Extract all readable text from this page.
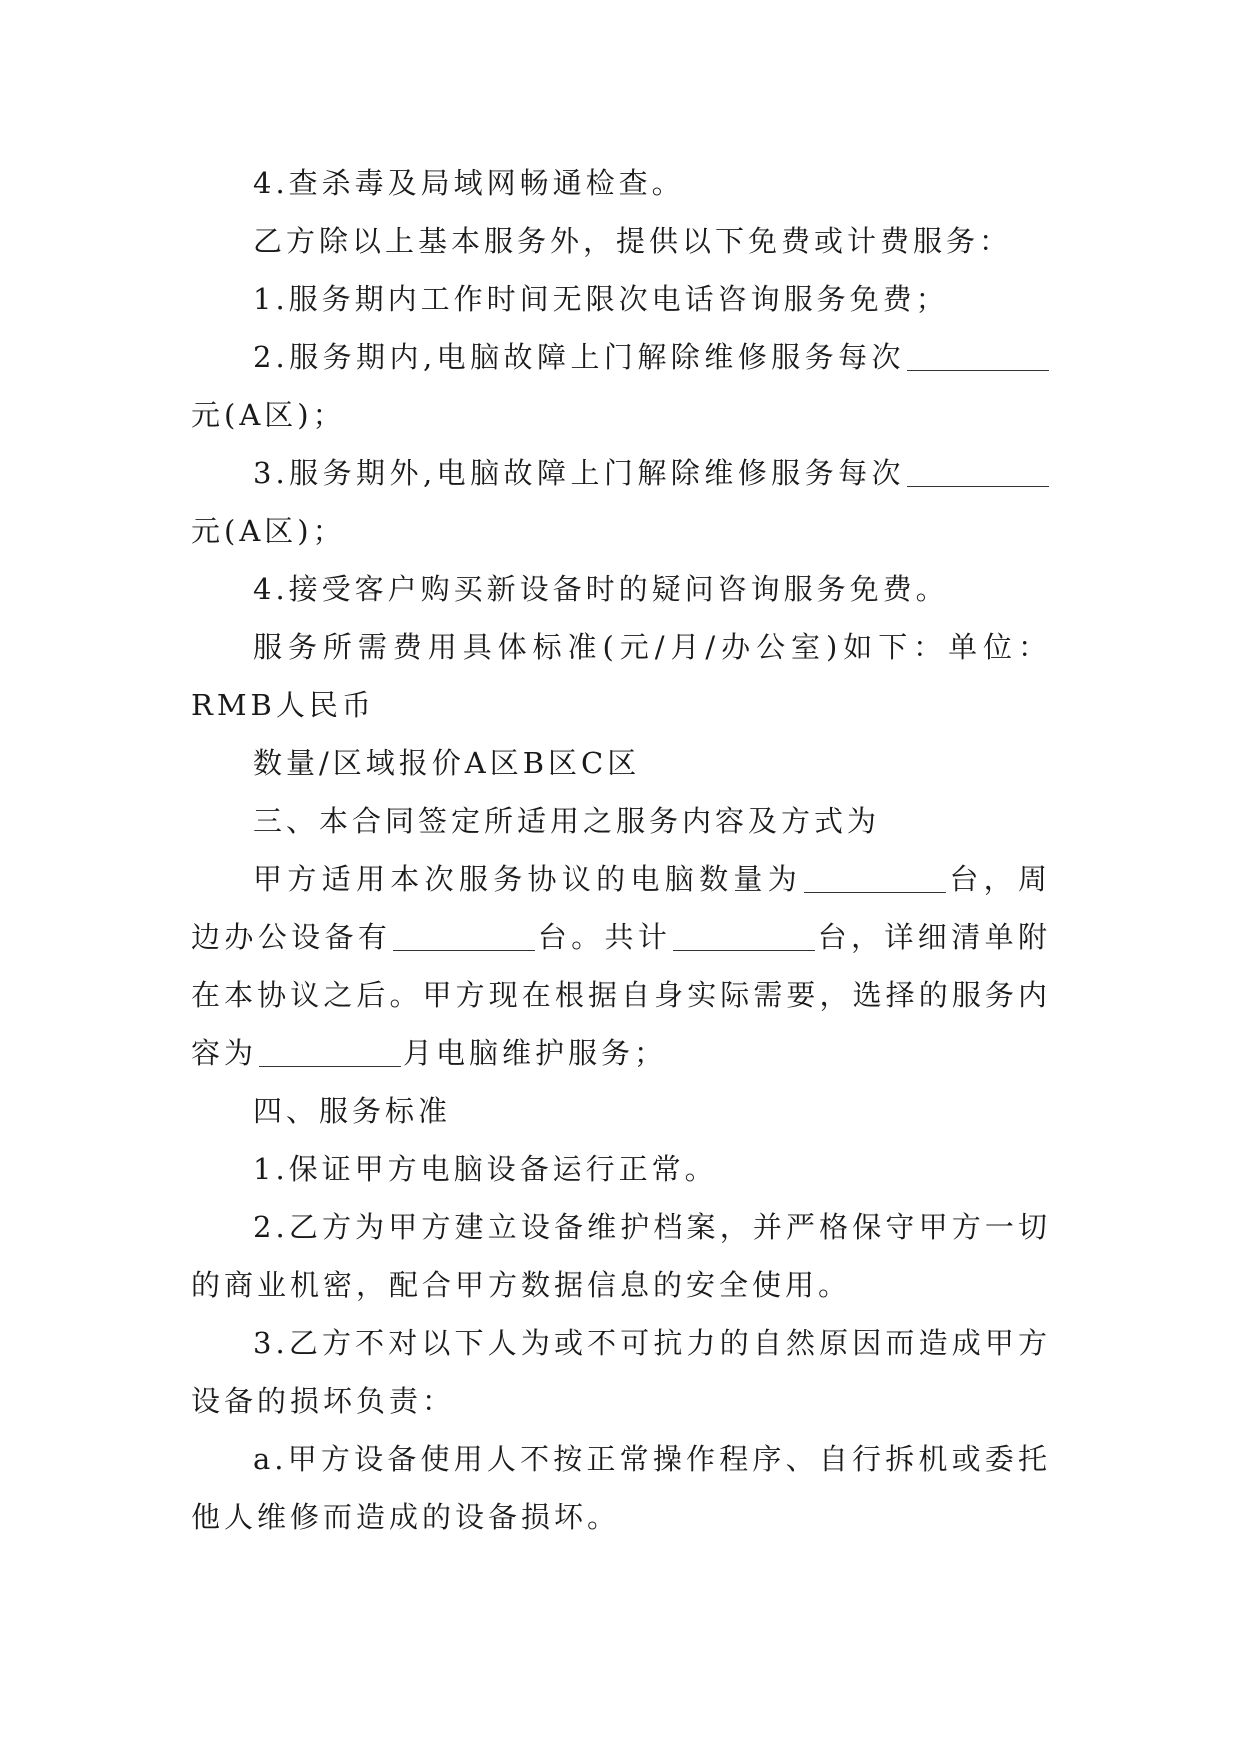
4.查杀毒及局域网畅通检查。

乙方除以上基本服务外，提供以下免费或计费服务：

1.服务期内工作时间无限次电话咨询服务免费；

2.服务期内,电脑故障上门解除维修服务每次元(A区)；

3.服务期外,电脑故障上门解除维修服务每次元(A区)；

4.接受客户购买新设备时的疑问咨询服务免费。

服务所需费用具体标准(元/月/办公室)如下：单位：RMB人民币

数量/区域报价A区B区C区

三、本合同签定所适用之服务内容及方式为

甲方适用本次服务协议的电脑数量为	台，周边办公设备有	台。共计	台，详细清单附在本协议之后。甲方现在根据自身实际需要，选择的服务内容为	月电脑维护服务；

四、服务标准

1.保证甲方电脑设备运行正常。

2.乙方为甲方建立设备维护档案，并严格保守甲方一切的商业机密，配合甲方数据信息的安全使用。

3.乙方不对以下人为或不可抗力的自然原因而造成甲方设备的损坏负责：

a.甲方设备使用人不按正常操作程序、自行拆机或委托他人维修而造成的设备损坏。
